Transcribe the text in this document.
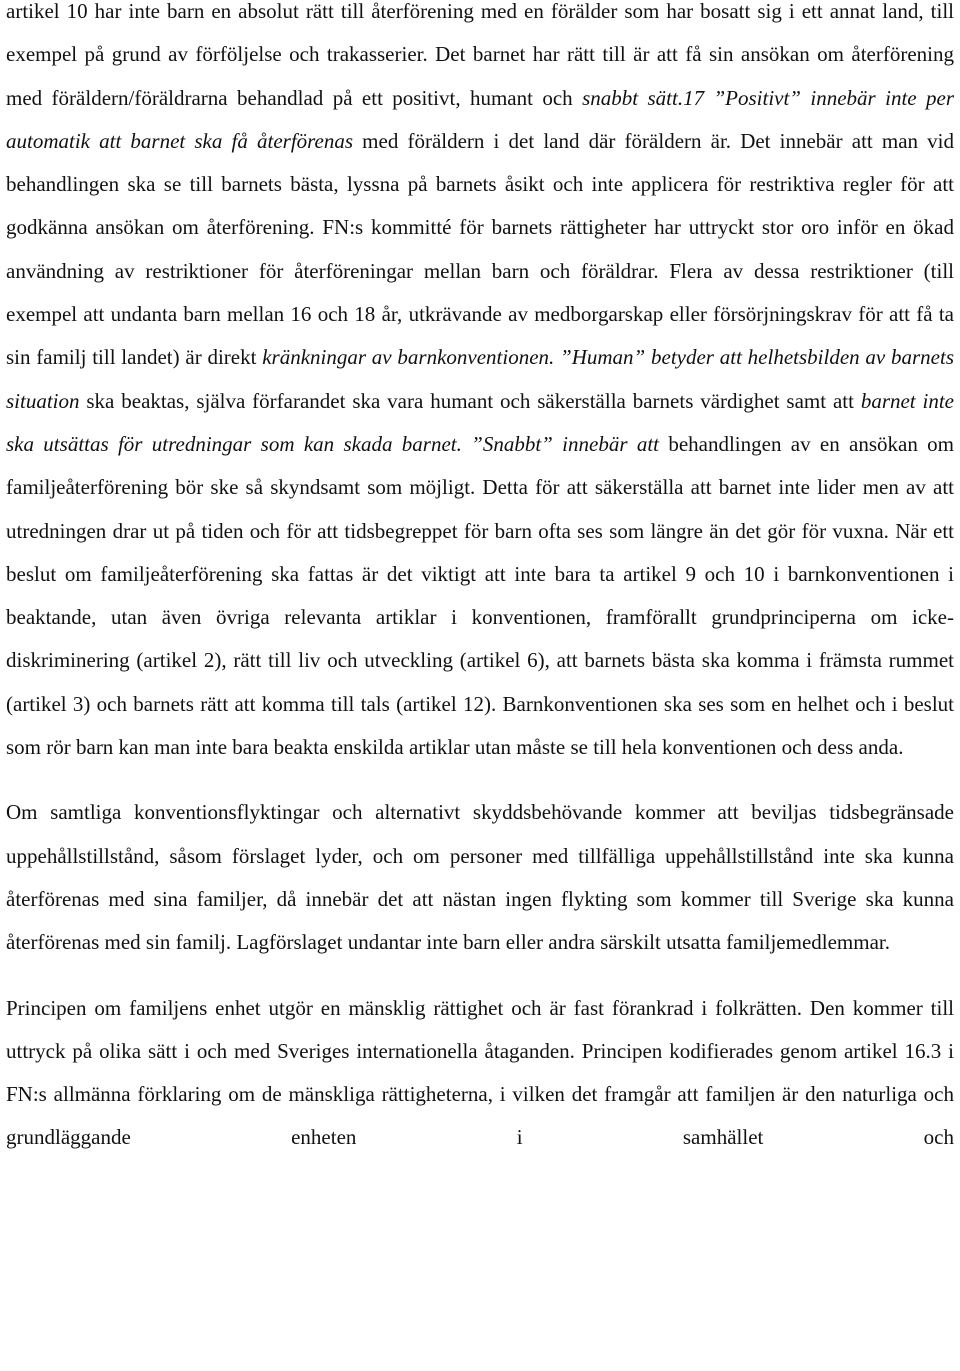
artikel 10 har inte barn en absolut rätt till återförening med en förälder som har bosatt sig i ett annat land, till exempel på grund av förföljelse och trakasserier. Det barnet har rätt till är att få sin ansökan om återförening med föräldern/föräldrarna behandlad på ett positivt, humant och snabbt sätt.17 ”Positivt” innebär inte per automatik att barnet ska få återförenas med föräldern i det land där föräldern är. Det innebär att man vid behandlingen ska se till barnets bästa, lyssna på barnets åsikt och inte applicera för restriktiva regler för att godkänna ansökan om återförening. FN:s kommitté för barnets rättigheter har uttryckt stor oro inför en ökad användning av restriktioner för återföreningar mellan barn och föräldrar. Flera av dessa restriktioner (till exempel att undanta barn mellan 16 och 18 år, utkrävande av medborgarskap eller försörjningskrav för att få ta sin familj till landet) är direkt kränkningar av barnkonventionen. ”Human” betyder att helhetsbilden av barnets situation ska beaktas, själva förfarandet ska vara humant och säkerställa barnets värdighet samt att barnet inte ska utsättas för utredningar som kan skada barnet. ”Snabbt” innebär att behandlingen av en ansökan om familjeåterförening bör ske så skyndsamt som möjligt. Detta för att säkerställa att barnet inte lider men av att utredningen drar ut på tiden och för att tidsbegreppet för barn ofta ses som längre än det gör för vuxna. När ett beslut om familjeåterförening ska fattas är det viktigt att inte bara ta artikel 9 och 10 i barnkonventionen i beaktande, utan även övriga relevanta artiklar i konventionen, framförallt grundprinciperna om icke-diskriminering (artikel 2), rätt till liv och utveckling (artikel 6), att barnets bästa ska komma i främsta rummet (artikel 3) och barnets rätt att komma till tals (artikel 12). Barnkonventionen ska ses som en helhet och i beslut som rör barn kan man inte bara beakta enskilda artiklar utan måste se till hela konventionen och dess anda.

Om samtliga konventionsflyktingar och alternativt skyddsbehövande kommer att beviljas tidsbegränsade uppehållstillstånd, såsom förslaget lyder, och om personer med tillfälliga uppehållstillstånd inte ska kunna återförenas med sina familjer, då innebär det att nästan ingen flykting som kommer till Sverige ska kunna återförenas med sin familj. Lagförslaget undantar inte barn eller andra särskilt utsatta familjemedlemmar.

Principen om familjens enhet utgör en mänsklig rättighet och är fast förankrad i folkrätten. Den kommer till uttryck på olika sätt i och med Sveriges internationella åtaganden. Principen kodifierades genom artikel 16.3 i FN:s allmänna förklaring om de mänskliga rättigheterna, i vilken det framgår att familjen är den naturliga och grundläggande enheten i samhället och
